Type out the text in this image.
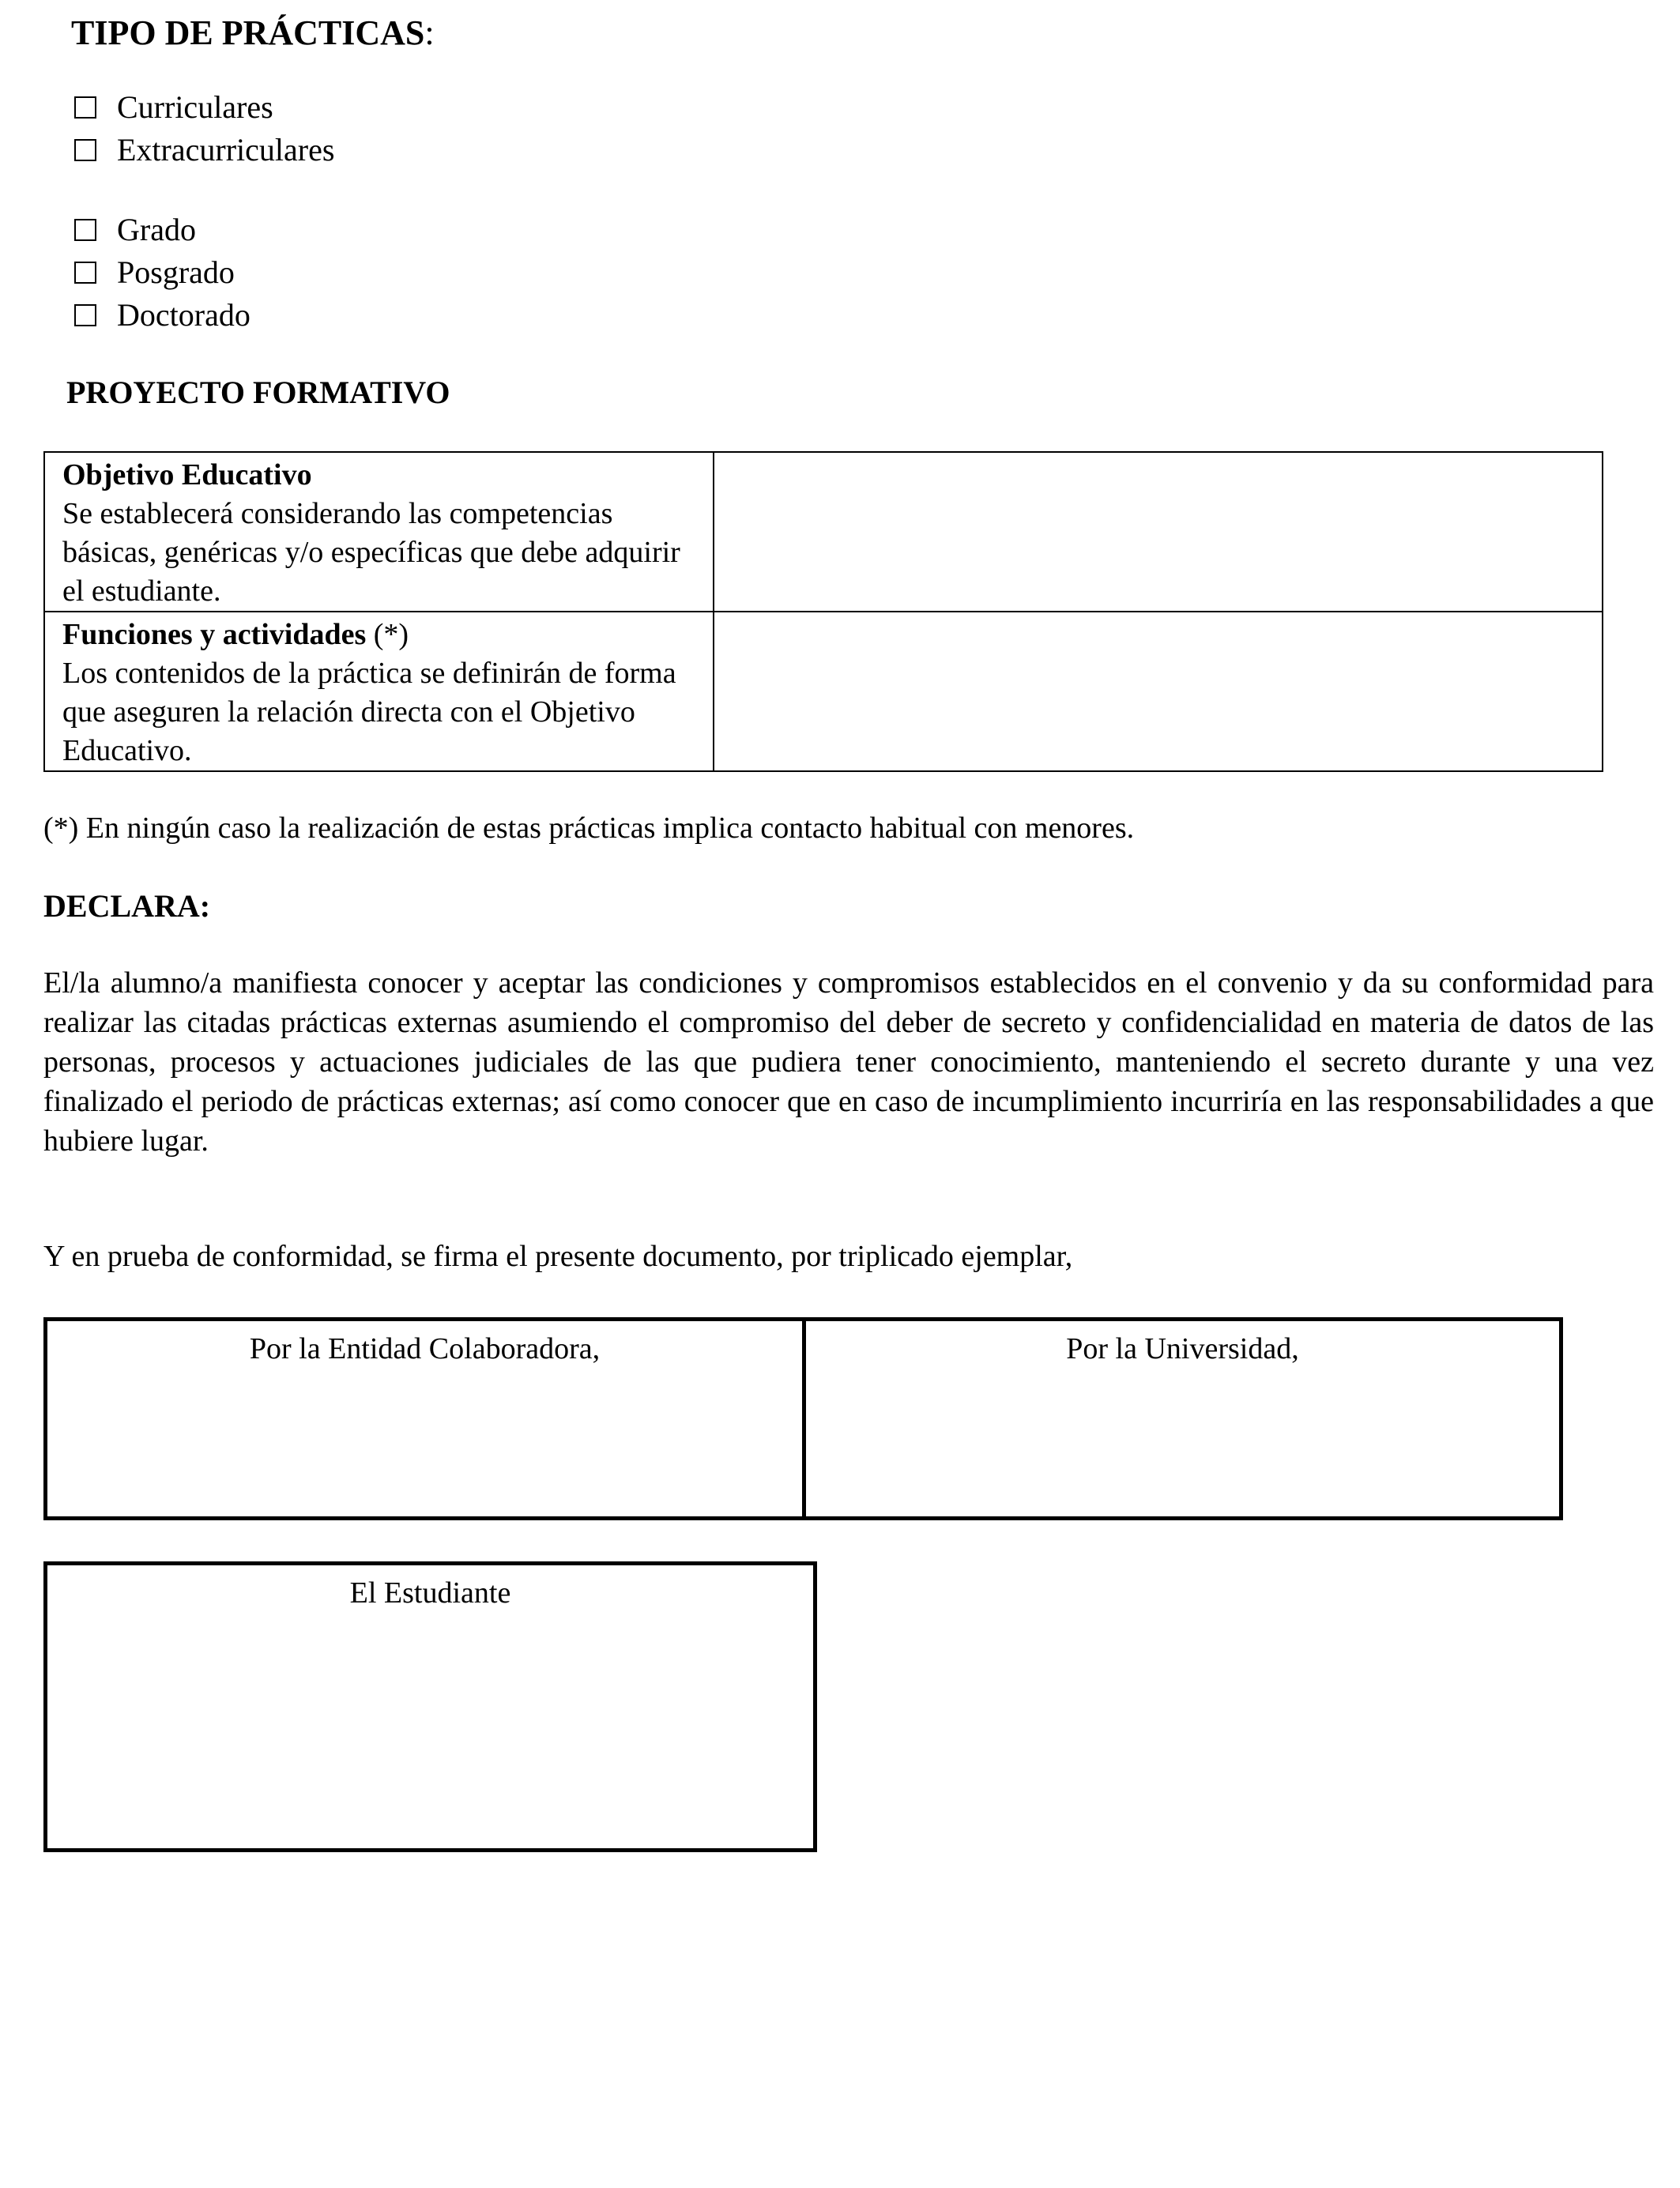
TIPO DE PRÁCTICAS:
Curriculares
Extracurriculares
Grado
Posgrado
Doctorado
PROYECTO FORMATIVO
Objetivo Educativo
Se establecerá considerando las competencias básicas, genéricas y/o específicas que debe adquirir el estudiante.	
Funciones y actividades (*)
Los contenidos de la práctica se definirán de forma que aseguren la relación directa con el Objetivo Educativo.	
(*) En ningún caso la realización de estas prácticas implica contacto habitual con menores.
DECLARA:

El/la alumno/a manifiesta conocer y aceptar las condiciones y compromisos establecidos en el convenio y da su conformidad para realizar las citadas prácticas externas asumiendo el compromiso del deber de secreto y confidencialidad en materia de datos de las personas, procesos y actuaciones judiciales de las que pudiera tener conocimiento, manteniendo el secreto durante y una vez finalizado el periodo de prácticas externas; así como conocer que en caso de incumplimiento incurriría en las responsabilidades a que hubiere lugar.

Y en prueba de conformidad, se firma el presente documento, por triplicado ejemplar,
Por la Entidad Colaboradora,	Por la Universidad,
El Estudiante
